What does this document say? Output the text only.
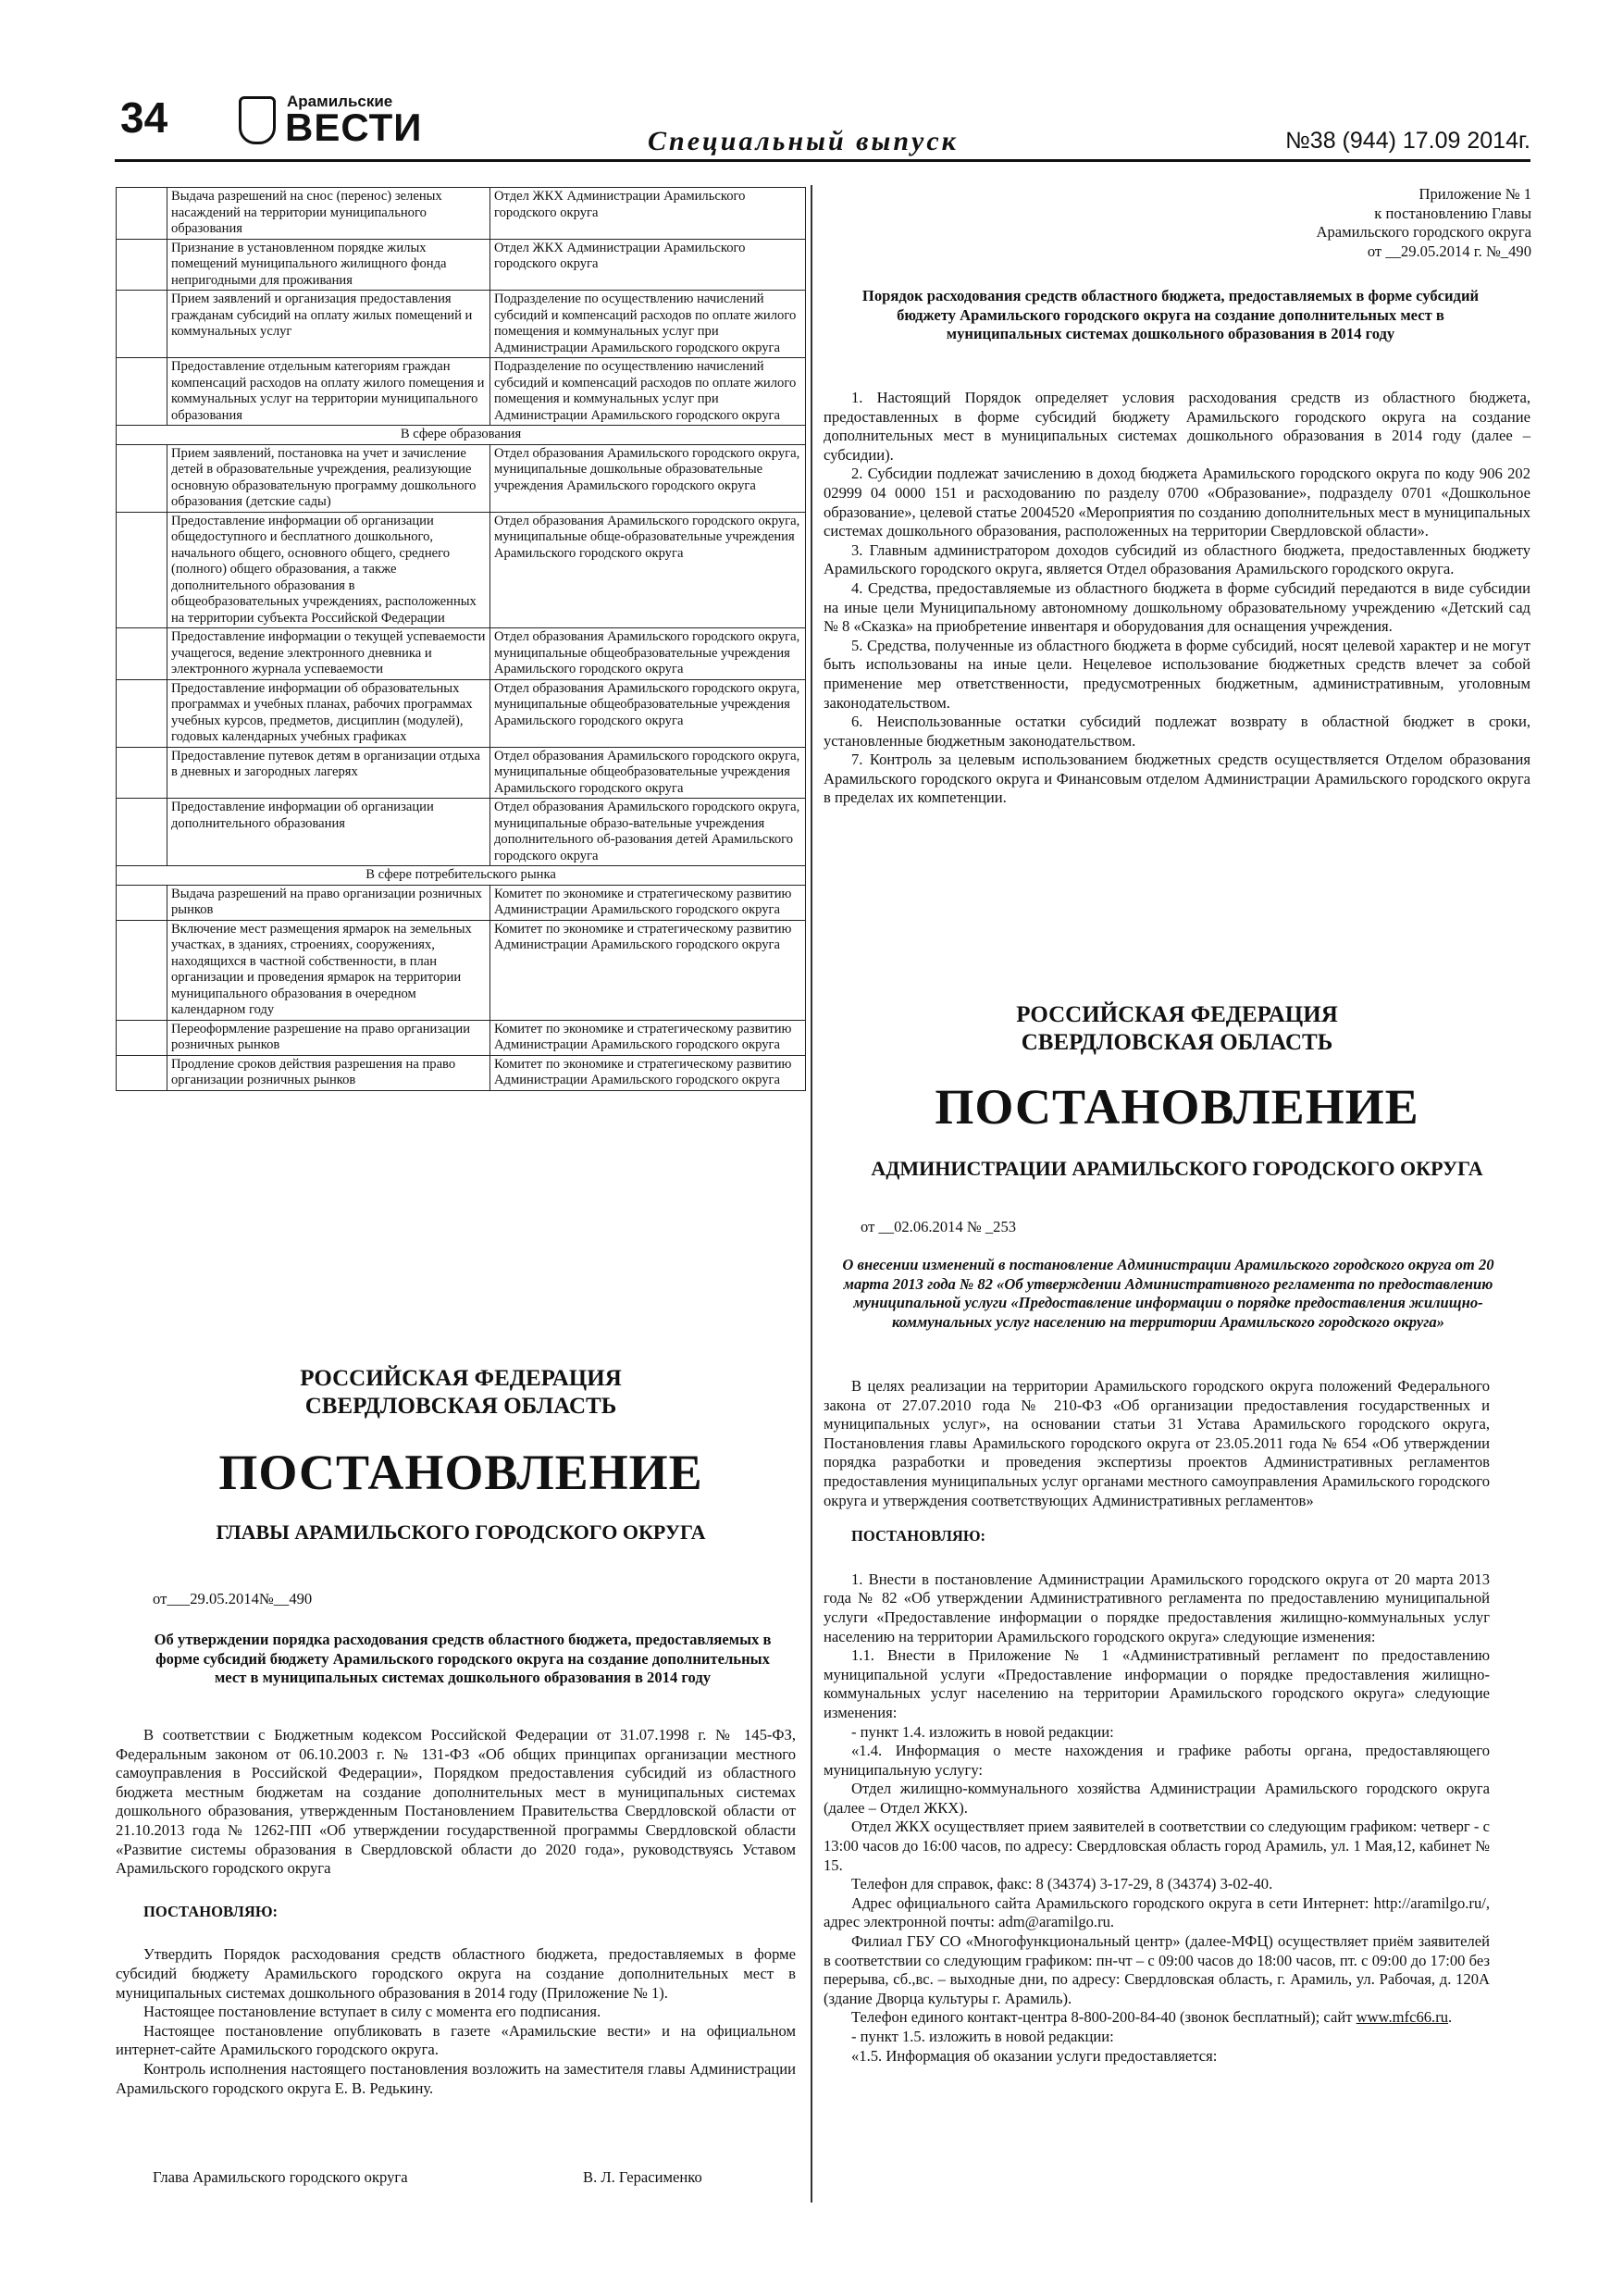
34	Арамильские
ВЕСТИ	Специальный выпуск	№38 (944) 17.09 2014г.
	Выдача разрешений на снос (перенос) зеленых насаждений на территории муниципального образования	Отдел ЖКХ Администрации Арамильского городского округа
	Признание в установленном порядке жилых помещений муниципального жилищного фонда непригодными для проживания	Отдел ЖКХ Администрации Арамильского городского округа
	Прием заявлений и организация предоставления гражданам субсидий на оплату жилых помещений и коммунальных услуг	Подразделение по осуществлению начислений субсидий и компенсаций расходов по оплате жилого помещения и коммунальных услуг при Администрации Арамильского городского округа
	Предоставление отдельным категориям граждан компенсаций расходов на оплату жилого помещения и коммунальных услуг на территории муниципального образования	Подразделение по осуществлению начислений субсидий и компенсаций расходов по оплате жилого помещения и коммунальных услуг при Администрации Арамильского городского округа
В сфере образования		
	Прием заявлений, постановка на учет и зачисление детей в образовательные учреждения, реализующие основную образовательную программу дошкольного образования (детские сады)	Отдел образования Арамильского городского округа, муниципальные дошкольные образовательные учреждения Арамильского городского округа
	Предоставление информации об организации общедоступного и бесплатного дошкольного, начального общего, основного общего, среднего (полного) общего образования, а также дополнительного образования в общеобразовательных учреждениях, расположенных на территории субъекта Российской Федерации	Отдел образования Арамильского городского округа, муниципальные обще-образовательные учреждения Арамильского городского округа
	Предоставление информации о текущей успеваемости учащегося, ведение электронного дневника и электронного журнала успеваемости	Отдел образования Арамильского городского округа, муниципальные общеобразовательные учреждения Арамильского городского округа
	Предоставление информации об образовательных программах и учебных планах, рабочих программах учебных курсов, предметов, дисциплин (модулей), годовых календарных учебных графиках	Отдел образования Арамильского городского округа, муниципальные общеобразовательные учреждения Арамильского городского округа
	Предоставление путевок детям в организации отдыха в дневных и загородных лагерях	Отдел образования Арамильского городского округа, муниципальные общеобразовательные учреждения Арамильского городского округа
	Предоставление информации об организации дополнительного образования	Отдел образования Арамильского городского округа, муниципальные образо-вательные учреждения дополнительного об-разования детей Арамильского городского округа
В сфере потребительского рынка		
	Выдача разрешений на право организации розничных рынков	Комитет по экономике и стратегическому развитию Администрации Арамильского городского округа
	Включение мест размещения ярмарок на земельных участках, в зданиях, строениях, сооружениях, находящихся в частной собственности, в план организации и проведения ярмарок на территории муниципального образования в очередном календарном году	Комитет по экономике и стратегическому развитию Администрации Арамильского городского округа
	Переоформление разрешение на право организации розничных рынков	Комитет по экономике и стратегическому развитию Администрации Арамильского городского округа
	Продление сроков действия разрешения на право организации розничных рынков	Комитет по экономике и стратегическому развитию Администрации Арамильского городского округа
РОССИЙСКАЯ ФЕДЕРАЦИЯ
СВЕРДЛОВСКАЯ ОБЛАСТЬ
ПОСТАНОВЛЕНИЕ
ГЛАВЫ АРАМИЛЬСКОГО ГОРОДСКОГО ОКРУГА
от___29.05.2014№__490
Об утверждении порядка расходования средств областного бюджета, предоставляемых в форме субсидий бюджету Арамильского городского округа на создание дополнительных мест в муниципальных системах дошкольного образования в 2014 году

В соответствии с Бюджетным кодексом Российской Федерации от 31.07.1998 г. № 145-ФЗ, Федеральным законом от 06.10.2003 г. № 131-ФЗ «Об общих принципах организации местного самоуправления в Российской Федерации», Порядком предоставления субсидий из областного бюджета местным бюджетам на создание дополнительных мест в муниципальных системах дошкольного образования, утвержденным Постановлением Правительства Свердловской области от 21.10.2013 года № 1262-ПП «Об утверждении государственной программы Свердловской области «Развитие системы образования в Свердловской области до 2020 года», руководствуясь Уставом Арамильского городского округа

ПОСТАНОВЛЯЮ:

Утвердить Порядок расходования средств областного бюджета, предоставляемых в форме субсидий бюджету Арамильского городского округа на создание дополнительных мест в муниципальных системах дошкольного образования в 2014 году (Приложение № 1).

Настоящее постановление вступает в силу с момента его подписания.

Настоящее постановление опубликовать в газете «Арамильские вести» и на официальном интернет-сайте Арамильского городского округа.

Контроль исполнения настоящего постановления возложить на заместителя главы Администрации Арамильского городского округа Е. В. Редькину.

Глава Арамильского городского округа	В. Л. Герасименко
Приложение № 1
к постановлению Главы
Арамильского городского округа
от __29.05.2014 г. №_490
Порядок расходования средств областного бюджета, предоставляемых в форме субсидий бюджету Арамильского городского округа на создание дополнительных мест в муниципальных системах дошкольного образования в 2014 году

1. Настоящий Порядок определяет условия расходования средств из областного бюджета, предоставленных в форме субсидий бюджету Арамильского городского округа на создание дополнительных мест в муниципальных системах дошкольного образования в 2014 году (далее – субсидии).

2. Субсидии подлежат зачислению в доход бюджета Арамильского городского округа по коду 906 202 02999 04 0000 151 и расходованию по разделу 0700 «Образование», подразделу 0701 «Дошкольное образование», целевой статье 2004520 «Мероприятия по созданию дополнительных мест в муниципальных системах дошкольного образования, расположенных на территории Свердловской области».

3. Главным администратором доходов субсидий из областного бюджета, предоставленных бюджету Арамильского городского округа, является Отдел образования Арамильского городского округа.

4. Средства, предоставляемые из областного бюджета в форме субсидий передаются в виде субсидии на иные цели Муниципальному автономному дошкольному образовательному учреждению «Детский сад № 8 «Сказка» на приобретение инвентаря и оборудования для оснащения учреждения.

5. Средства, полученные из областного бюджета в форме субсидий, носят целевой характер и не могут быть использованы на иные цели. Нецелевое использование бюджетных средств влечет за собой применение мер ответственности, предусмотренных бюджетным, административным, уголовным законодательством.

6. Неиспользованные остатки субсидий подлежат возврату в областной бюджет в сроки, установленные бюджетным законодательством.

7. Контроль за целевым использованием бюджетных средств осуществляется Отделом образования Арамильского городского округа и Финансовым отделом Администрации Арамильского городского округа в пределах их компетенции.

РОССИЙСКАЯ ФЕДЕРАЦИЯ
СВЕРДЛОВСКАЯ ОБЛАСТЬ
ПОСТАНОВЛЕНИЕ
АДМИНИСТРАЦИИ АРАМИЛЬСКОГО ГОРОДСКОГО ОКРУГА
от __02.06.2014 № _253
О внесении изменений в постановление Администрации Арамильского городского округа от 20 марта 2013 года № 82 «Об утверждении Административного регламента по предоставлению муниципальной услуги «Предоставление информации о порядке предоставления жилищно-коммунальных услуг населению на территории Арамильского городского округа»

В целях реализации на территории Арамильского городского округа положений Федерального закона от 27.07.2010 года № 210-ФЗ «Об организации предоставления государственных и муниципальных услуг», на основании статьи 31 Устава Арамильского городского округа, Постановления главы Арамильского городского округа от 23.05.2011 года № 654 «Об утверждении порядка разработки и проведения экспертизы проектов Административных регламентов предоставления муниципальных услуг органами местного самоуправления Арамильского городского округа и утверждения соответствующих Административных регламентов»

ПОСТАНОВЛЯЮ:

1. Внести в постановление Администрации Арамильского городского округа от 20 марта 2013 года № 82 «Об утверждении Административного регламента по предоставлению муниципальной услуги «Предоставление информации о порядке предоставления жилищно-коммунальных услуг населению на территории Арамильского городского округа» следующие изменения:

1.1. Внести в Приложение № 1 «Административный регламент по предоставлению муниципальной услуги «Предоставление информации о порядке предоставления жилищно-коммунальных услуг населению на территории Арамильского городского округа» следующие изменения:

- пункт 1.4. изложить в новой редакции:

«1.4. Информация о месте нахождения и графике работы органа, предоставляющего муниципальную услугу:

Отдел жилищно-коммунального хозяйства Администрации Арамильского городского округа (далее – Отдел ЖКХ).

Отдел ЖКХ осуществляет прием заявителей в соответствии со следующим графиком: четверг - с 13:00 часов до 16:00 часов, по адресу: Свердловская область город Арамиль, ул. 1 Мая,12, кабинет № 15.

Телефон для справок, факс: 8 (34374) 3-17-29, 8 (34374) 3-02-40.

Адрес официального сайта Арамильского городского округа в сети Интернет: http://aramilgo.ru/, адрес электронной почты: adm@aramilgo.ru.

Филиал ГБУ СО «Многофункциональный центр» (далее-МФЦ) осуществляет приём заявителей в соответствии со следующим графиком: пн-чт – с 09:00 часов до 18:00 часов, пт. с 09:00 до 17:00 без перерыва, сб.,вс. – выходные дни, по адресу: Свердловская область, г. Арамиль, ул. Рабочая, д. 120А (здание Дворца культуры г. Арамиль).

Телефон единого контакт-центра 8-800-200-84-40 (звонок бесплатный); сайт www.mfc66.ru.

- пункт 1.5. изложить в новой редакции:

«1.5. Информация об оказании услуги предоставляется:
